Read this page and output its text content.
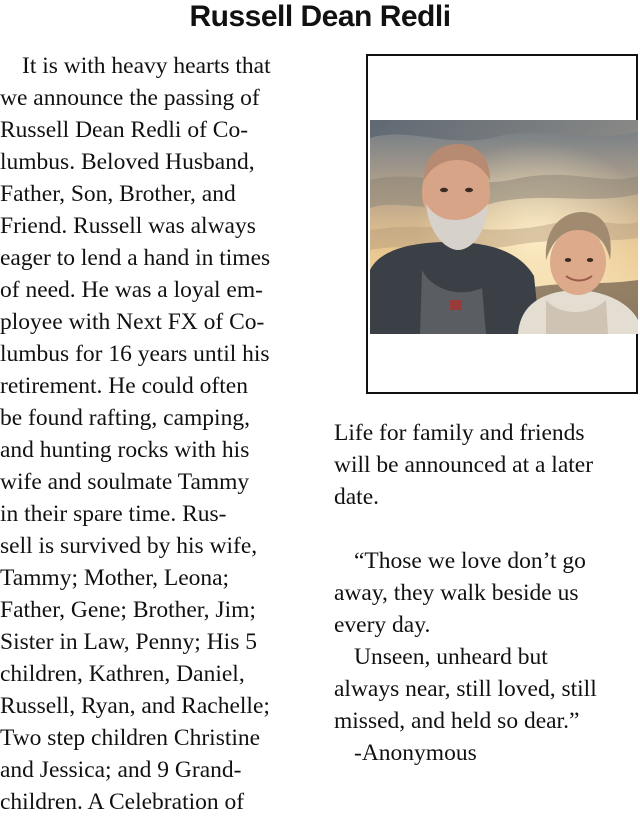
Russell Dean Redli
It is with heavy hearts that
we announce the passing of
Russell Dean Redli of Co-
lumbus. Beloved Husband,
Father, Son, Brother, and
Friend. Russell was always
eager to lend a hand in times
of need. He was a loyal em-
ployee with Next FX of Co-
lumbus for 16 years until his
retirement. He could often
be found rafting, camping,
and hunting rocks with his
wife and soulmate Tammy
in their spare time. Rus-
sell is survived by his wife,
Tammy; Mother, Leona;
Father, Gene; Brother, Jim;
Sister in Law, Penny; His 5
children, Kathren, Daniel,
Russell, Ryan, and Rachelle;
Two step children Christine
and Jessica; and 9 Grand-
children. A Celebration of
Life for family and friends
will be announced at a later
date.
“Those we love don’t go
away, they walk beside us
every day.
Unseen, unheard but
always near, still loved, still
missed, and held so dear.”
-Anonymous
